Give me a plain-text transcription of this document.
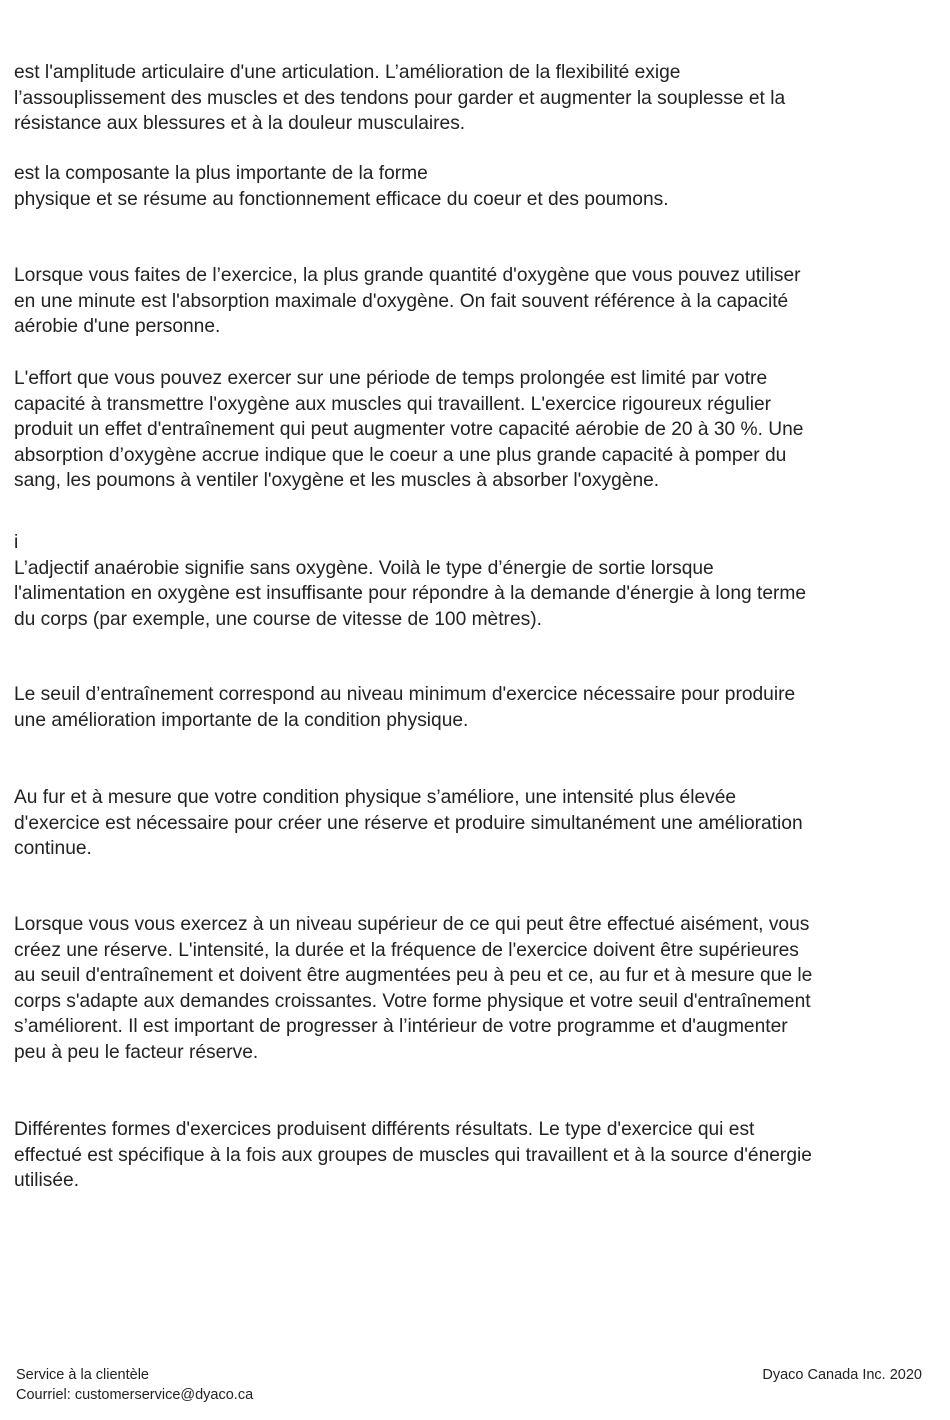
est l'amplitude articulaire d'une articulation. L’amélioration de la flexibilité exige
l’assouplissement des muscles et des tendons pour garder et augmenter la souplesse et la
résistance aux blessures et à la douleur musculaires.

est la composante la plus importante de la forme
physique et se résume au fonctionnement efficace du coeur et des poumons.

Lorsque vous faites de l’exercice, la plus grande quantité d'oxygène que vous pouvez utiliser
en une minute est l'absorption maximale d'oxygène. On fait souvent référence à la capacité
aérobie d'une personne.

L'effort que vous pouvez exercer sur une période de temps prolongée est limité par votre
capacité à transmettre l'oxygène aux muscles qui travaillent. L'exercice rigoureux régulier
produit un effet d'entraînement qui peut augmenter votre capacité aérobie de 20 à 30 %. Une
absorption d’oxygène accrue indique que le coeur a une plus grande capacité à pomper du
sang, les poumons à ventiler l'oxygène et les muscles à absorber l'oxygène.

i
L’adjectif anaérobie signifie sans oxygène. Voilà le type d’énergie de sortie lorsque
l'alimentation en oxygène est insuffisante pour répondre à la demande d'énergie à long terme
du corps (par exemple, une course de vitesse de 100 mètres).

Le seuil d’entraînement correspond au niveau minimum d'exercice nécessaire pour produire
une amélioration importante de la condition physique.

Au fur et à mesure que votre condition physique s’améliore, une intensité plus élevée
d'exercice est nécessaire pour créer une réserve et produire simultanément une amélioration
continue.

Lorsque vous vous exercez à un niveau supérieur de ce qui peut être effectué aisément, vous
créez une réserve. L'intensité, la durée et la fréquence de l'exercice doivent être supérieures
au seuil d'entraînement et doivent être augmentées peu à peu et ce, au fur et à mesure que le
corps s'adapte aux demandes croissantes. Votre forme physique et votre seuil d'entraînement
s’améliorent. Il est important de progresser à l’intérieur de votre programme et d'augmenter
peu à peu le facteur réserve.

Différentes formes d'exercices produisent différents résultats. Le type d'exercice qui est
effectué est spécifique à la fois aux groupes de muscles qui travaillent et à la source d'énergie
utilisée.

Service à la clientèle
Courriel: customerservice@dyaco.ca
Dyaco Canada Inc. 2020
